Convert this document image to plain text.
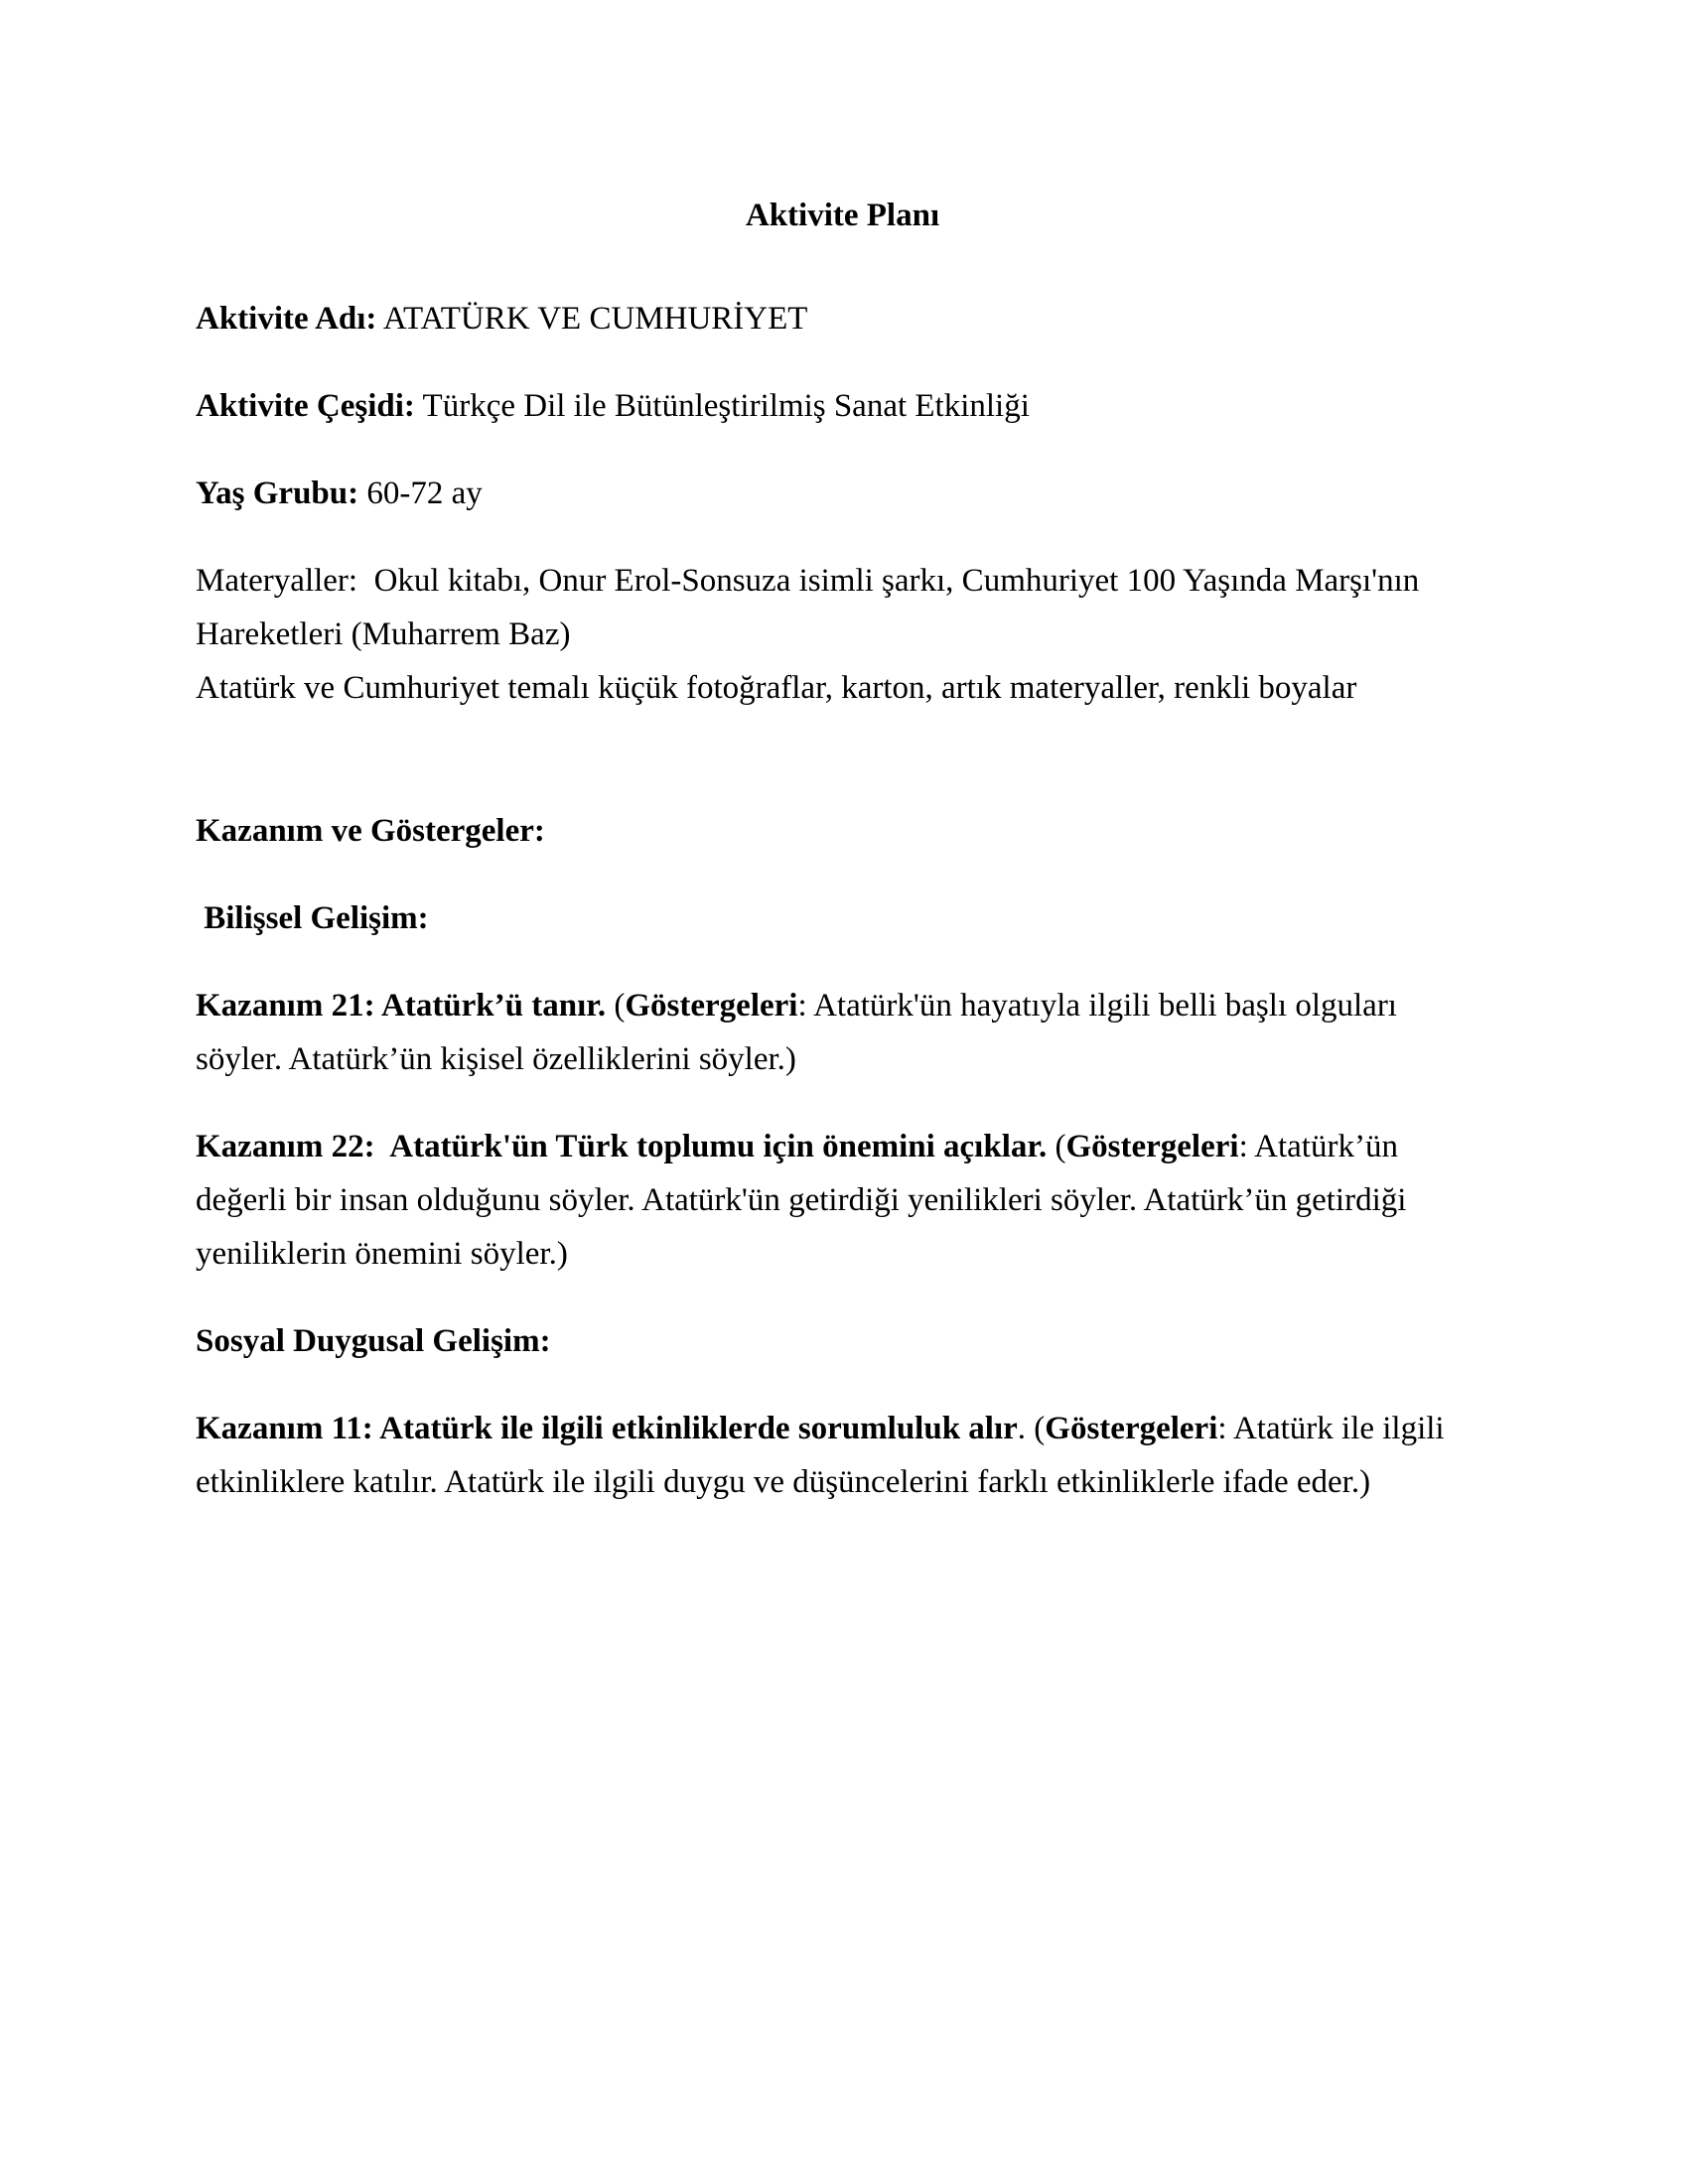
Aktivite Planı

Aktivite Adı: ATATÜRK VE CUMHURİYET

Aktivite Çeşidi: Türkçe Dil ile Bütünleştirilmiş Sanat Etkinliği

Yaş Grubu: 60-72 ay

Materyaller:  Okul kitabı, Onur Erol-Sonsuza isimli şarkı, Cumhuriyet 100 Yaşında Marşı'nın
Hareketleri (Muharrem Baz)
Atatürk ve Cumhuriyet temalı küçük fotoğraflar, karton, artık materyaller, renkli boyalar

Kazanım ve Göstergeler:

Bilişsel Gelişim:

Kazanım 21: Atatürk’ü tanır. (Göstergeleri: Atatürk'ün hayatıyla ilgili belli başlı olguları
söyler. Atatürk’ün kişisel özelliklerini söyler.)

Kazanım 22:  Atatürk'ün Türk toplumu için önemini açıklar. (Göstergeleri: Atatürk’ün
değerli bir insan olduğunu söyler. Atatürk'ün getirdiği yenilikleri söyler. Atatürk’ün getirdiği
yeniliklerin önemini söyler.)

Sosyal Duygusal Gelişim:

Kazanım 11: Atatürk ile ilgili etkinliklerde sorumluluk alır. (Göstergeleri: Atatürk ile ilgili
etkinliklere katılır. Atatürk ile ilgili duygu ve düşüncelerini farklı etkinliklerle ifade eder.)
